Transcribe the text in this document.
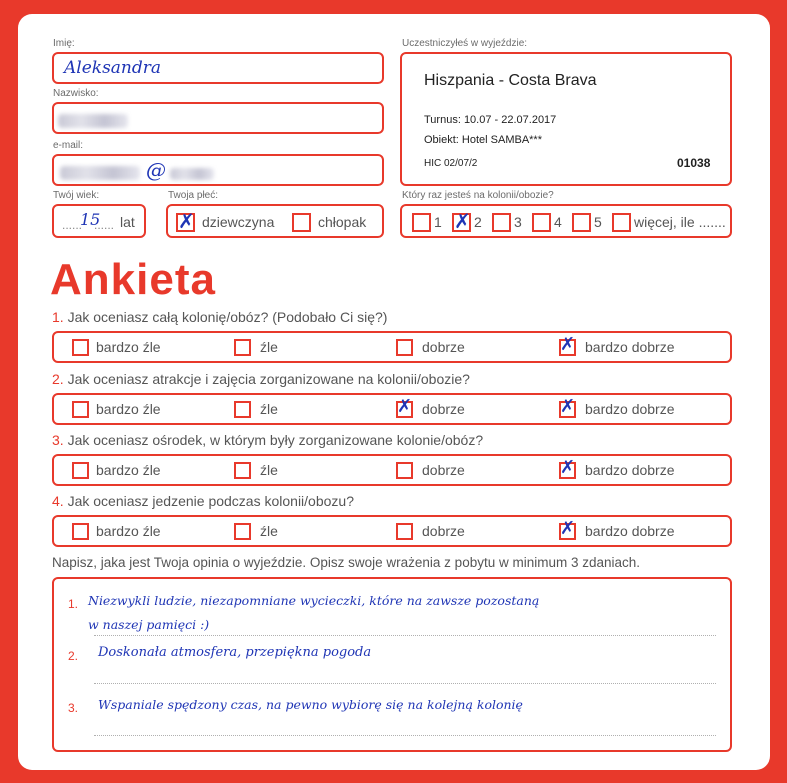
Imię:
Aleksandra
Nazwisko:
e-mail:
@
Twój wiek:
......
15
...... lat
Twoja płeć:
✗ dziewczyna	chłopak
Uczestniczyłeś w wyjeździe:
Hiszpania - Costa Brava
Turnus: 10.07 - 22.07.2017
Obiekt: Hotel SAMBA***
HIC 02/07/2	01038
Który raz jesteś na kolonii/obozie?
1 ✗ 2 3 4 5 więcej, ile .......
Ankieta
1. Jak oceniasz całą kolonię/obóz? (Podobało Ci się?)
bardzo źle	źle	dobrze	✗ bardzo dobrze
2. Jak oceniasz atrakcje i zajęcia zorganizowane na kolonii/obozie?
bardzo źle	źle	✗ dobrze	✗ bardzo dobrze
3. Jak oceniasz ośrodek, w którym były zorganizowane kolonie/obóz?
bardzo źle	źle	dobrze	✗ bardzo dobrze
4. Jak oceniasz jedzenie podczas kolonii/obozu?
bardzo źle	źle	dobrze	✗ bardzo dobrze
Napisz, jaka jest Twoja opinia o wyjeździe. Opisz swoje wrażenia z pobytu w minimum 3 zdaniach.
1. Niezwykli ludzie, niezapomniane wycieczki, które na zawsze pozostaną
w naszej pamięci :)
2. Doskonała atmosfera, przepiękna pogoda
3. Wspaniale spędzony czas, na pewno wybiorę się na kolejną kolonię
